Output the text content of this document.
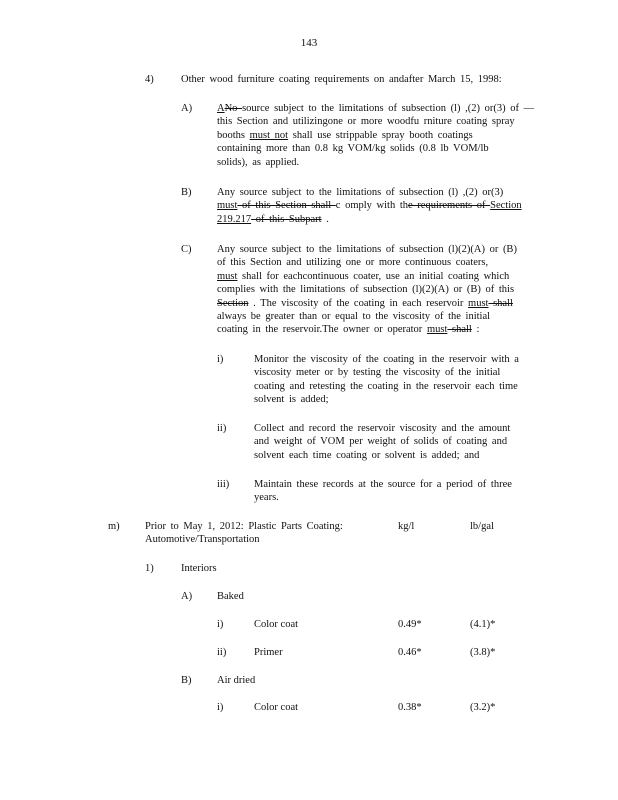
143
4)	Other wood furniture coating requirements on andafter March 15, 1998:
A) ANo source subject to the limitations of subsection (l) ,(2) or(3) of —
this Section and utilizingone or more woodfu rniture coating spray
booths must not shall use strippable spray booth coatings
containing more than 0.8 kg VOM/kg solids (0.8 lb VOM/lb
solids), as applied.
B) Any source subject to the limitations of subsection (l) ,(2) or(3)
must of this Section shall c omply with the requirements of Section
219.217 of this Subpart .
C) Any source subject to the limitations of subsection (l)(2)(A) or (B)
of this Section and utilizing one or more continuous coaters,
must shall for eachcontinuous coater, use an initial coating which
complies with the limitations of subsection (l)(2)(A) or (B) of this
Section . The viscosity of the coating in each reservoir must shall
always be greater than or equal to the viscosity of the initial
coating in the reservoir.The owner or operator must shall :
i)	Monitor the viscosity of the coating in the reservoir with a
viscosity meter or by testing the viscosity of the initial
coating and retesting the coating in the reservoir each time
solvent is added;
ii)	Collect and record the reservoir viscosity and the amount
and weight of VOM per weight of solids of coating and
solvent each time coating or solvent is added; and
iii) Maintain these records at the source for a period of three
years.
m) Prior to May 1, 2012: Plastic Parts Coating:
Automotive/Transportation
kg/l	lb/gal
1)	Interiors
A) Baked
i)	Color coat	0.49*	(4.1)*
ii)	Primer	0.46*	(3.8)*
B) Air dried
i)	Color coat	0.38*	(3.2)*
